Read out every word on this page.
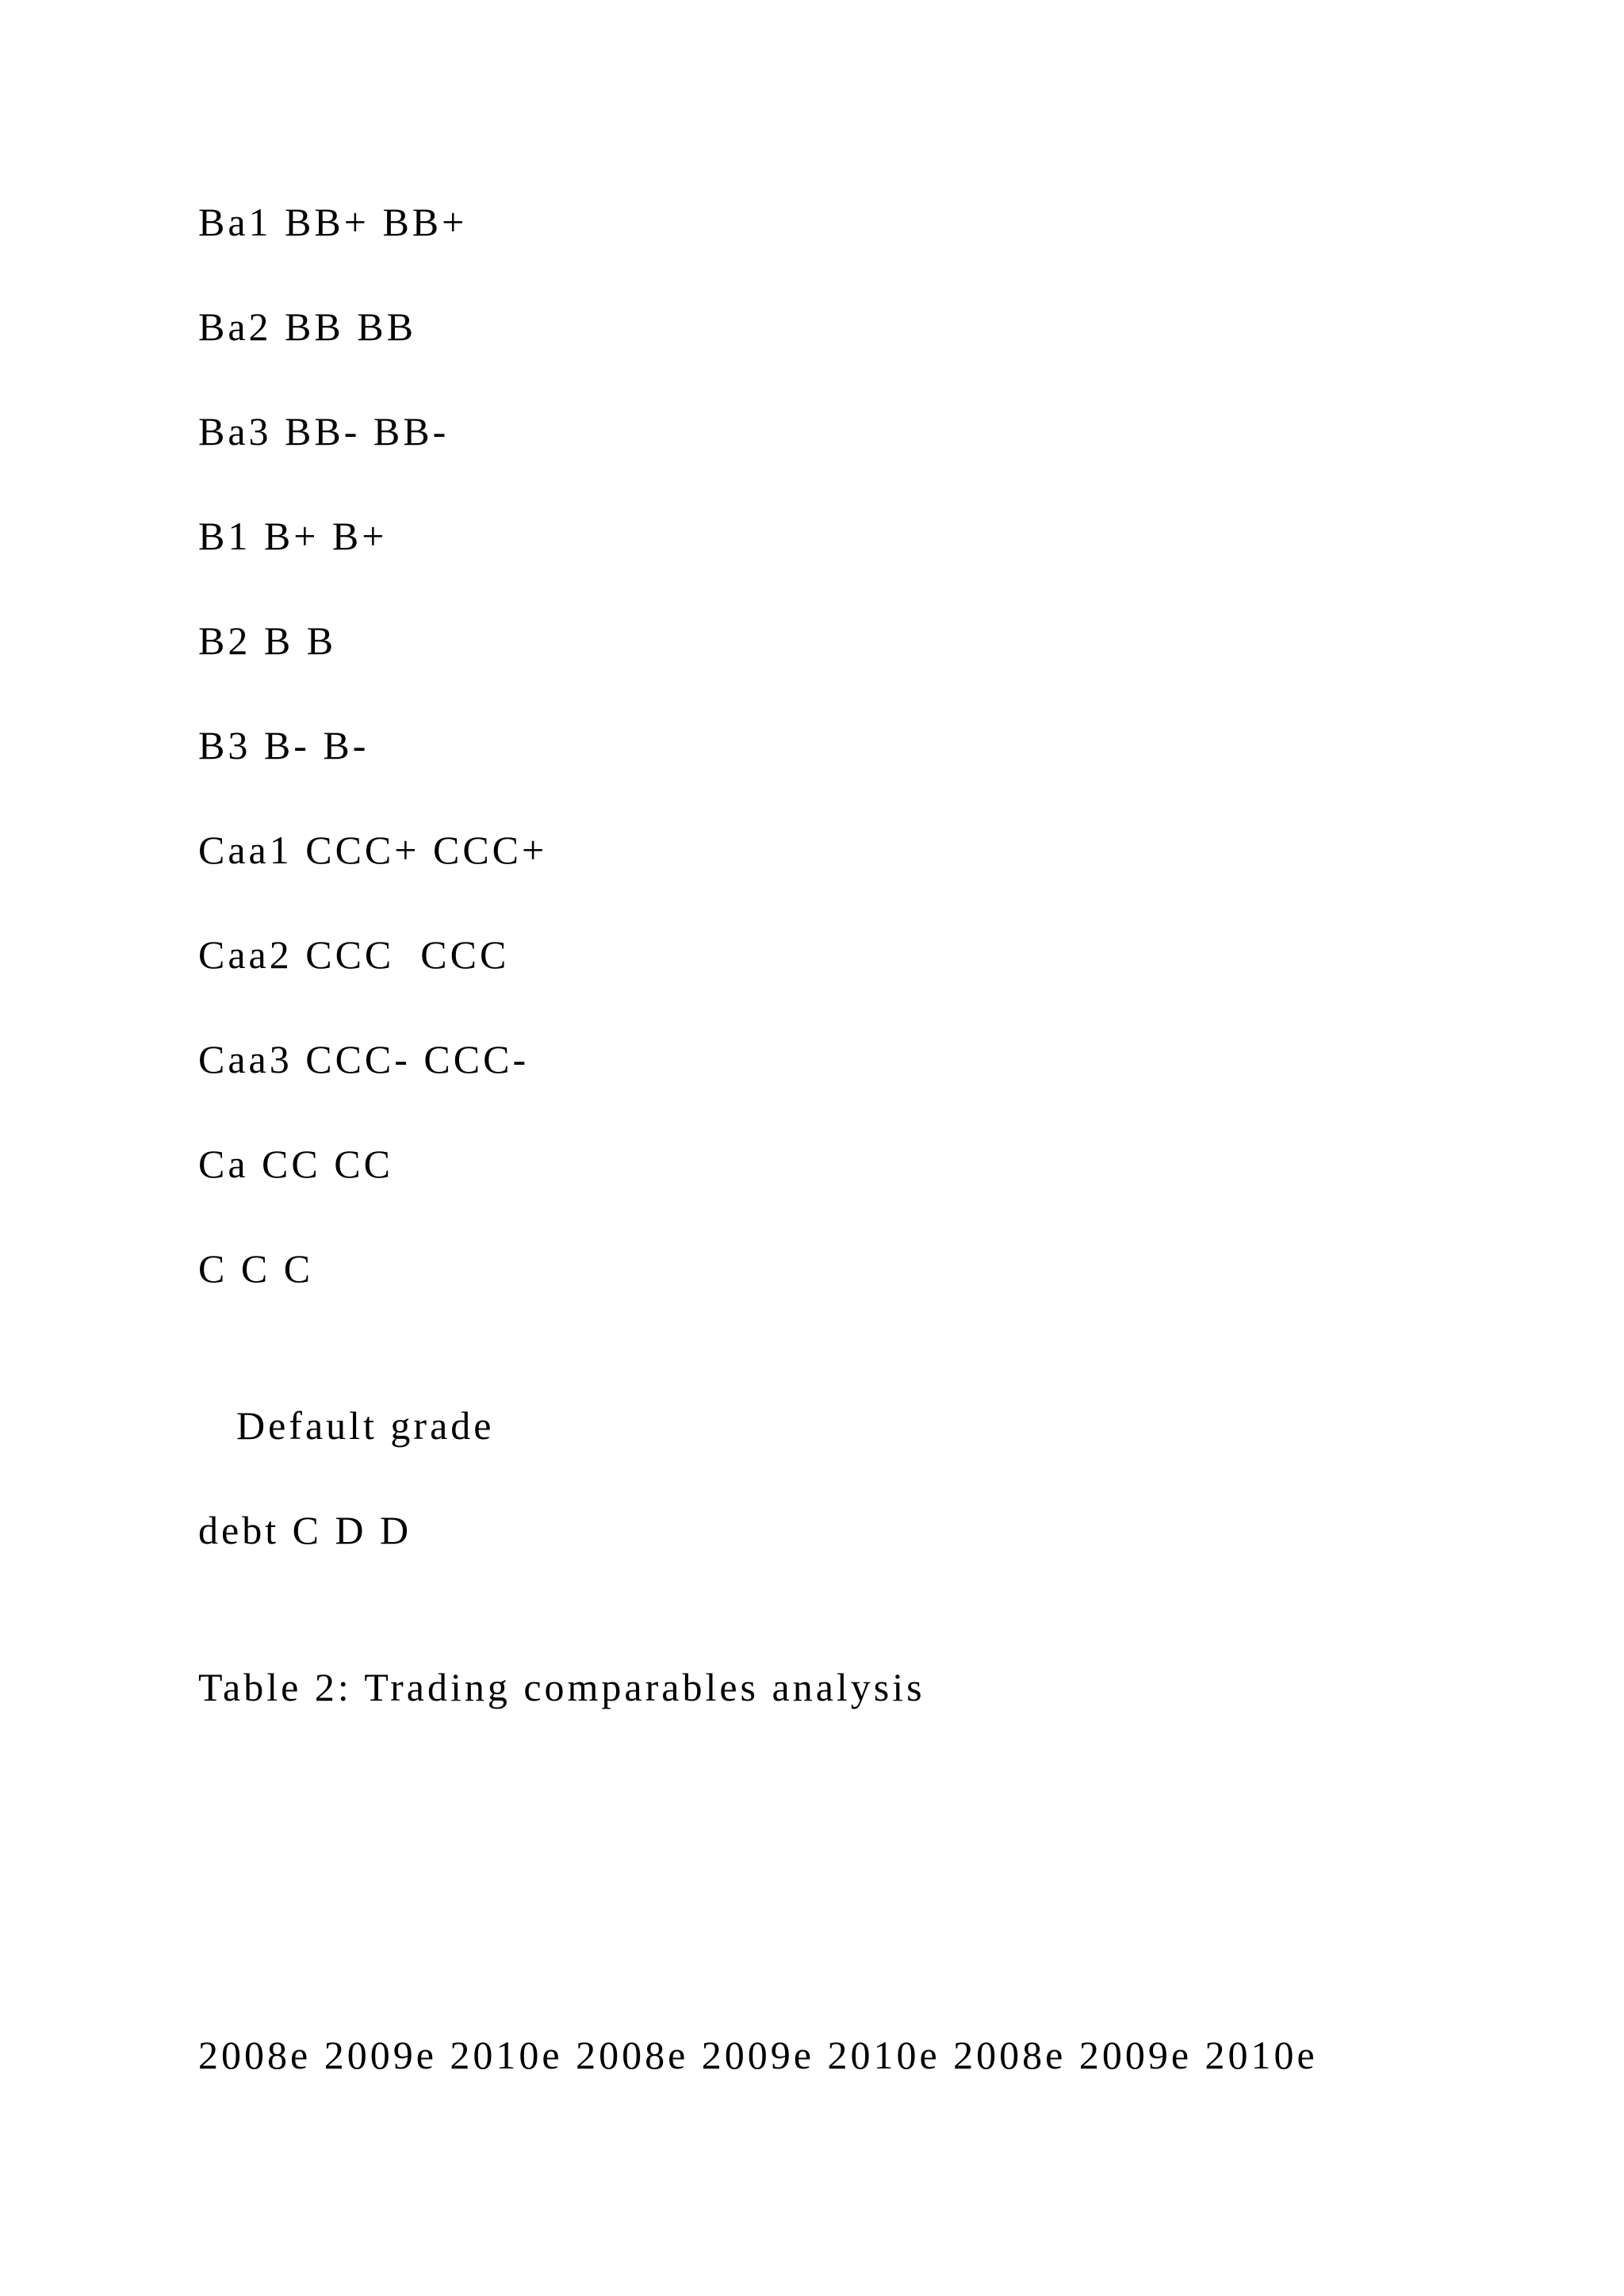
Ba1 BB+ BB+
Ba2 BB BB
Ba3 BB- BB-
B1 B+ B+
B2 B B
B3 B- B-
Caa1 CCC+ CCC+
Caa2 CCC  CCC
Caa3 CCC- CCC-
Ca CC CC
C C C
Default grade
debt C D D
Table 2: Trading comparables analysis
2008e 2009e 2010e 2008e 2009e 2010e 2008e 2009e 2010e
